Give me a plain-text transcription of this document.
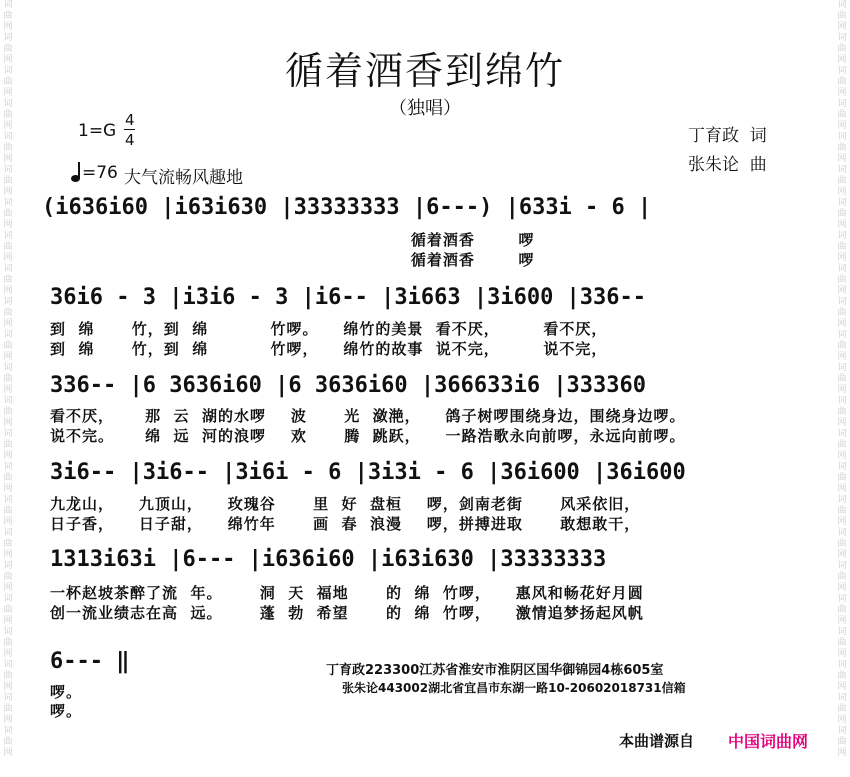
词
曲
网
词
曲
网
词
曲
网
词
曲
网
词
曲
网
词
曲
网
词
曲
网
词
曲
网
词
曲
网
词
曲
网
词
曲
网
词
曲
网
词
曲
网
词
曲
网
词
曲
网
词
曲
网
词
曲
网
词
曲
网
词
曲
网
词
曲
网
词
曲
网
词
曲
网
词
曲
网
词
曲
网
词
曲
网
词
曲
网
词
曲
网
词
曲
网
词
曲
网
词
曲
网
词
曲
网
词
曲
网
词
曲
网
词
曲
网
词
曲
网
词
曲
网
词
曲
网
词
曲
网
词
曲
网
词
曲
网
词
曲
网
词
曲
网
词
曲
网
词
曲
网
词
曲
网
词
曲
网
循着酒香到绵竹
（独唱）
1=G
4
4
=76 大气流畅风趣地
丁育政  词
张朱论  曲
(i636i60 |i63i630 |33333333 |6---) |633i - 6 |
循着酒香       啰
循着酒香       啰
36i6 - 3 |i3i6 - 3 |i6-- |3i663 |3i600 |336--
到  绵      竹，到  绵          竹啰。    绵竹的美景  看不厌，       看不厌，
到  绵      竹，到  绵          竹啰，    绵竹的故事  说不完，       说不完，
336-- |6 3636i60 |6 3636i60 |366633i6 |333360
看不厌，     那  云  湖的水啰    波      光  潋滟，    鸽子树啰围绕身边，围绕身边啰。
说不完。     绵  远  河的浪啰    欢      腾  跳跃，    一路浩歌永向前啰，永远向前啰。
3i6-- |3i6-- |3i6i - 6 |3i3i - 6 |36i600 |36i600
九龙山，    九顶山，    玫瑰谷      里  好  盘桓    啰，剑南老街      风采依旧，
日子香，    日子甜，    绵竹年      画  春  浪漫    啰，拼搏进取      敢想敢干，
1313i63i |6--- |i636i60 |i63i630 |33333333
一杯赵坡茶醉了流  年。      洞  天  福地      的  绵  竹啰，    惠风和畅花好月圆
创一流业绩志在高  远。      蓬  勃  希望      的  绵  竹啰，    激情追梦扬起风帆
6--- ‖
啰。
啰。
丁育政223300江苏省淮安市淮阴区国华御锦园4栋605室
张朱论443002湖北省宜昌市东湖一路10-20602018731信箱
本曲谱源自 中国词曲网
